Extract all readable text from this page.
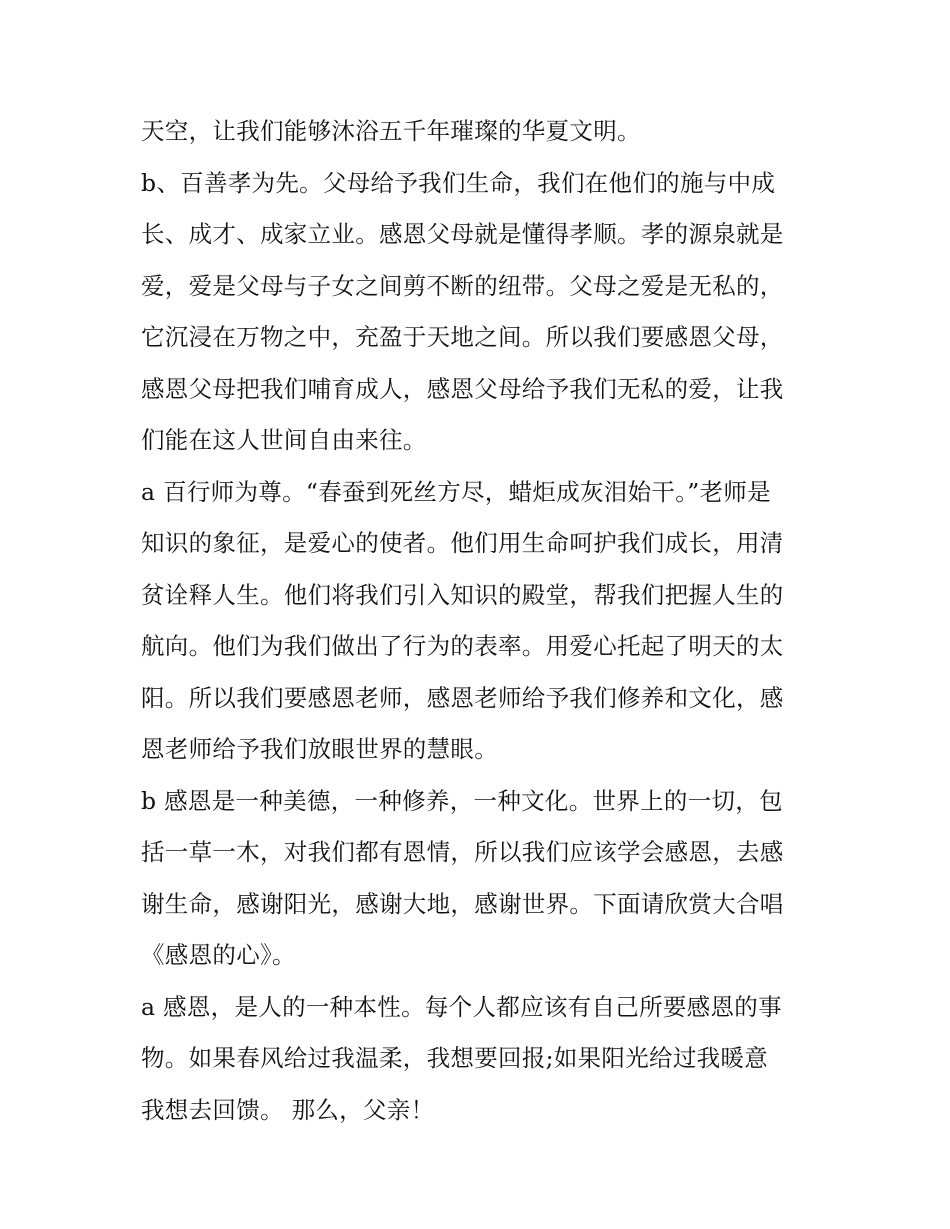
天空，让我们能够沐浴五千年璀璨的华夏文明。
b、百善孝为先。父母给予我们生命，我们在他们的施与中成
长、成才、成家立业。感恩父母就是懂得孝顺。孝的源泉就是
爱，爱是父母与子女之间剪不断的纽带。父母之爱是无私的，
它沉浸在万物之中，充盈于天地之间。所以我们要感恩父母，
感恩父母把我们哺育成人，感恩父母给予我们无私的爱，让我
们能在这人世间自由来往。
a 百行师为尊。“春蚕到死丝方尽，蜡炬成灰泪始干。”老师是
知识的象征，是爱心的使者。他们用生命呵护我们成长，用清
贫诠释人生。他们将我们引入知识的殿堂，帮我们把握人生的
航向。他们为我们做出了行为的表率。用爱心托起了明天的太
阳。所以我们要感恩老师，感恩老师给予我们修养和文化，感
恩老师给予我们放眼世界的慧眼。
b 感恩是一种美德，一种修养，一种文化。世界上的一切，包
括一草一木，对我们都有恩情，所以我们应该学会感恩，去感
谢生命，感谢阳光，感谢大地，感谢世界。下面请欣赏大合唱
《感恩的心》。
a 感恩，是人的一种本性。每个人都应该有自己所要感恩的事
物。如果春风给过我温柔，我想要回报;如果阳光给过我暖意
我想去回馈。 那么，父亲！
